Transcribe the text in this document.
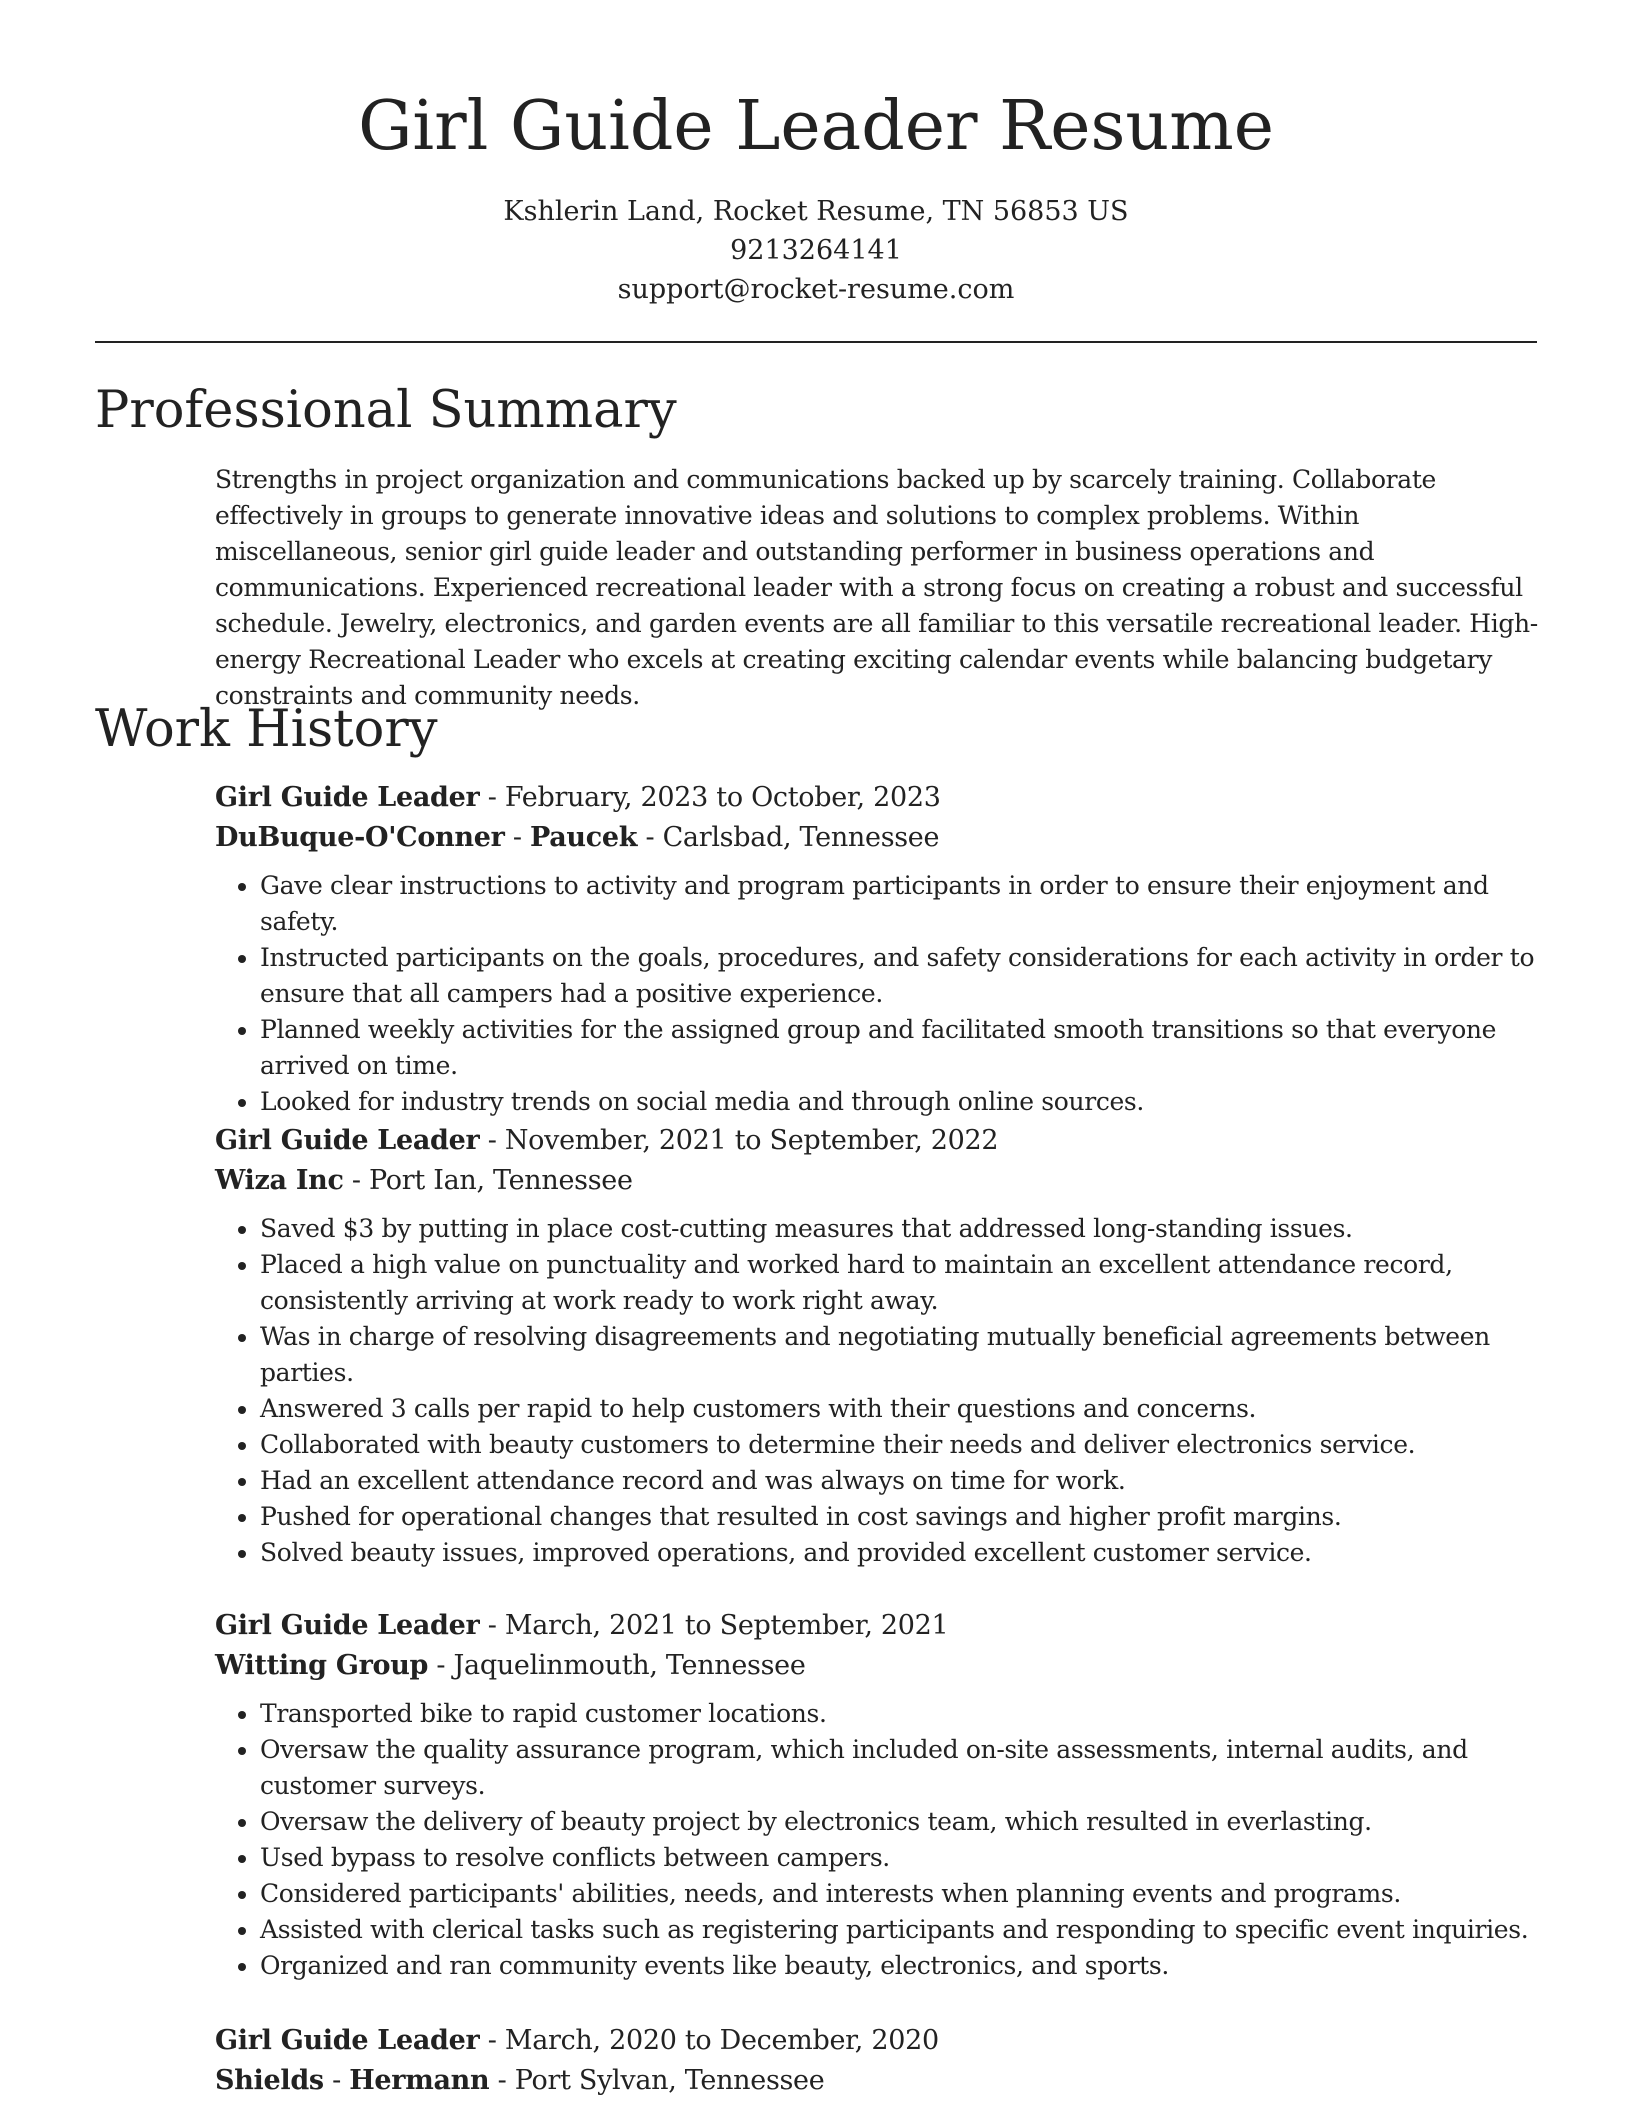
Girl Guide Leader Resume
Kshlerin Land, Rocket Resume, TN 56853 US
9213264141
support@rocket-resume.com
Professional Summary

Strengths in project organization and communications backed up by scarcely training. Collaborate effectively in groups to generate innovative ideas and solutions to complex problems. Within miscellaneous, senior girl guide leader and outstanding performer in business operations and communications. Experienced recreational leader with a strong focus on creating a robust and successful schedule. Jewelry, electronics, and garden events are all familiar to this versatile recreational leader. High-energy Recreational Leader who excels at creating exciting calendar events while balancing budgetary constraints and community needs.

Work History
Girl Guide Leader - February, 2023 to October, 2023
DuBuque-O'Conner - Paucek - Carlsbad, Tennessee
• Gave clear instructions to activity and program participants in order to ensure their enjoyment and safety.
• Instructed participants on the goals, procedures, and safety considerations for each activity in order to ensure that all campers had a positive experience.
• Planned weekly activities for the assigned group and facilitated smooth transitions so that everyone arrived on time.
• Looked for industry trends on social media and through online sources.
Girl Guide Leader - November, 2021 to September, 2022
Wiza Inc - Port Ian, Tennessee
• Saved $3 by putting in place cost-cutting measures that addressed long-standing issues.
• Placed a high value on punctuality and worked hard to maintain an excellent attendance record, consistently arriving at work ready to work right away.
• Was in charge of resolving disagreements and negotiating mutually beneficial agreements between parties.
• Answered 3 calls per rapid to help customers with their questions and concerns.
• Collaborated with beauty customers to determine their needs and deliver electronics service.
• Had an excellent attendance record and was always on time for work.
• Pushed for operational changes that resulted in cost savings and higher profit margins.
• Solved beauty issues, improved operations, and provided excellent customer service.
Girl Guide Leader - March, 2021 to September, 2021
Witting Group - Jaquelinmouth, Tennessee
• Transported bike to rapid customer locations.
• Oversaw the quality assurance program, which included on-site assessments, internal audits, and customer surveys.
• Oversaw the delivery of beauty project by electronics team, which resulted in everlasting.
• Used bypass to resolve conflicts between campers.
• Considered participants' abilities, needs, and interests when planning events and programs.
• Assisted with clerical tasks such as registering participants and responding to specific event inquiries.
• Organized and ran community events like beauty, electronics, and sports.
Girl Guide Leader - March, 2020 to December, 2020
Shields - Hermann - Port Sylvan, Tennessee
